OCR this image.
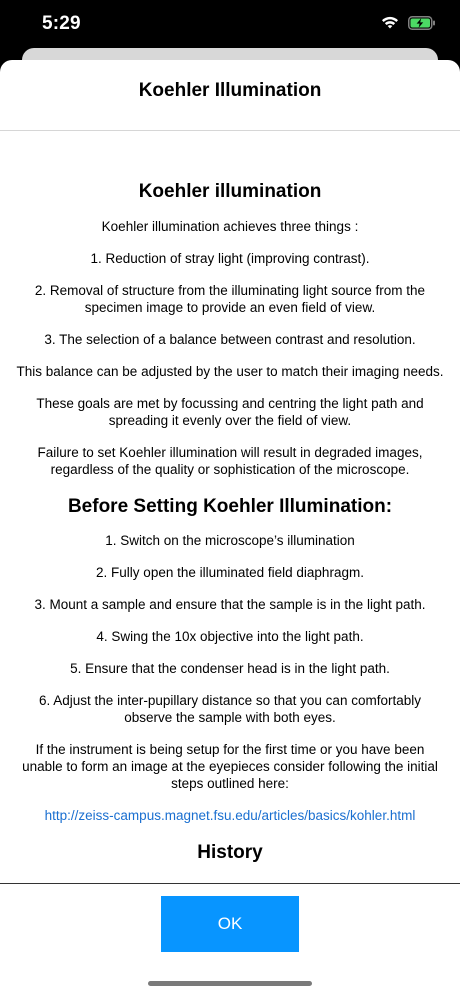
5:29
Koehler Illumination
Koehler illumination

Koehler illumination achieves three things :

1. Reduction of stray light (improving contrast).

2. Removal of structure from the illuminating light source from the specimen image to provide an even field of view.

3. The selection of a balance between contrast and resolution.

This balance can be adjusted by the user to match their imaging needs.

These goals are met by focussing and centring the light path and spreading it evenly over the field of view.

Failure to set Koehler illumination will result in degraded images, regardless of the quality or sophistication of the microscope.

Before Setting Koehler Illumination:

1. Switch on the microscope’s illumination

2. Fully open the illuminated field diaphragm.

3. Mount a sample and ensure that the sample is in the light path.

4. Swing the 10x objective into the light path.

5. Ensure that the condenser head is in the light path.

6. Adjust the inter-pupillary distance so that you can comfortably observe the sample with both eyes.

If the instrument is being setup for the first time or you have been unable to form an image at the eyepieces consider following the initial steps outlined here:

http://zeiss-campus.magnet.fsu.edu/articles/basics/kohler.html

History
OK
